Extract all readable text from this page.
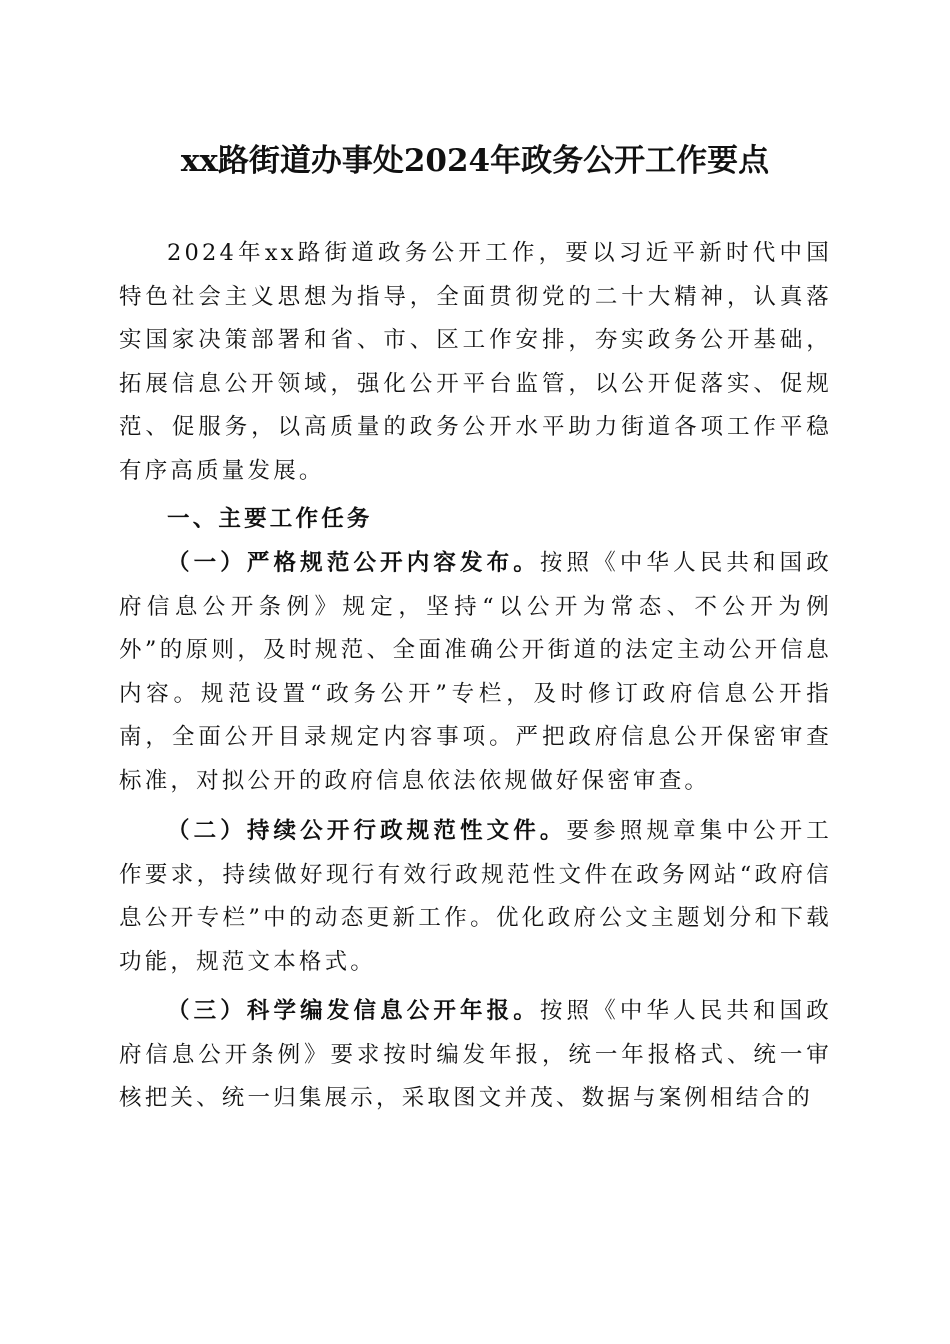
xx路街道办事处2024年政务公开工作要点

2024年xx路街道政务公开工作，要以习近平新时代中国特色社会主义思想为指导，全面贯彻党的二十大精神，认真落实国家决策部署和省、市、区工作安排，夯实政务公开基础，拓展信息公开领域，强化公开平台监管，以公开促落实、促规范、促服务，以高质量的政务公开水平助力街道各项工作平稳有序高质量发展。

一、主要工作任务

（一）严格规范公开内容发布。按照《中华人民共和国政府信息公开条例》规定，坚持“以公开为常态、不公开为例外”的原则，及时规范、全面准确公开街道的法定主动公开信息内容。规范设置“政务公开”专栏，及时修订政府信息公开指南，全面公开目录规定内容事项。严把政府信息公开保密审查标准，对拟公开的政府信息依法依规做好保密审查。

（二）持续公开行政规范性文件。要参照规章集中公开工作要求，持续做好现行有效行政规范性文件在政务网站“政府信息公开专栏”中的动态更新工作。优化政府公文主题划分和下载功能，规范文本格式。

（三）科学编发信息公开年报。按照《中华人民共和国政府信息公开条例》要求按时编发年报，统一年报格式、统一审核把关、统一归集展示，采取图文并茂、数据与案例相结合的
